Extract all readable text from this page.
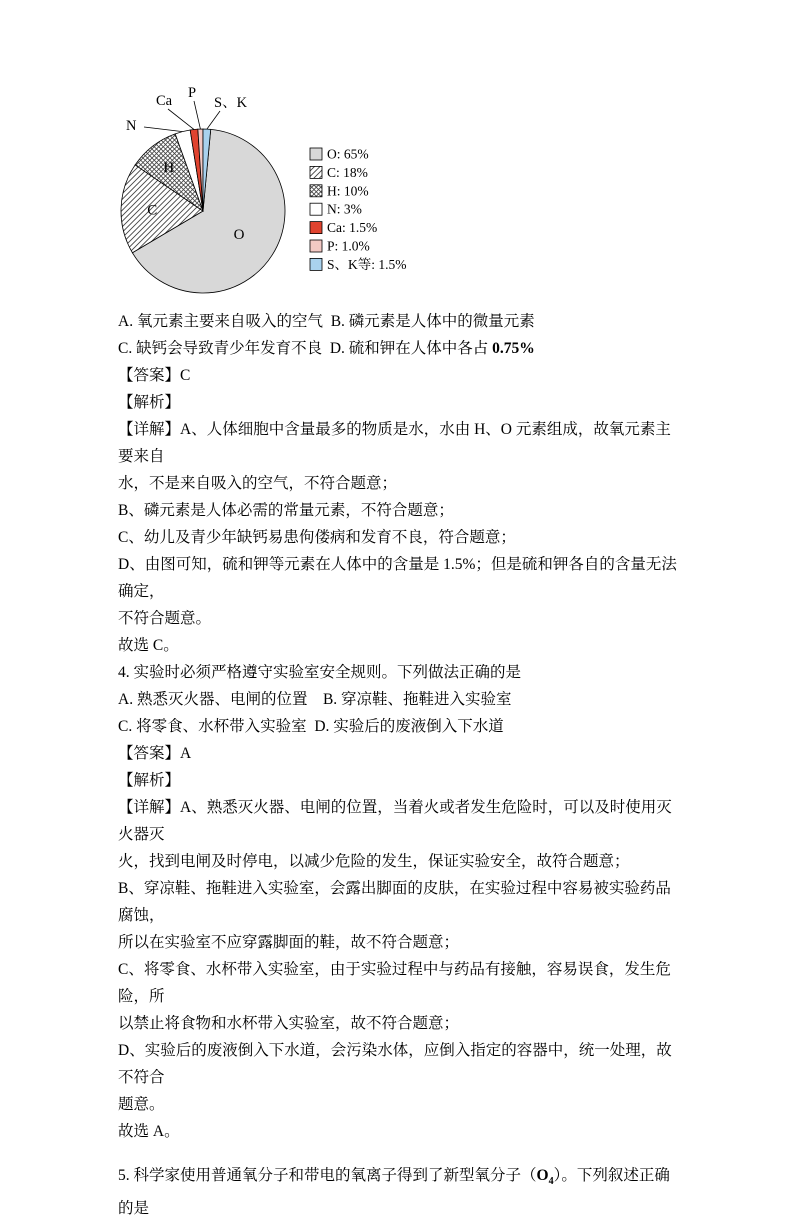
O
C
H
N
Ca P
S、K
O: 65%
C: 18%
H: 10%
N: 3%
Ca: 1.5%
P: 1.0%
S、K等: 1.5%

A. 氧元素主要来自吸入的空气  B. 磷元素是人体中的微量元素

C. 缺钙会导致青少年发育不良  D. 硫和钾在人体中各占 0.75%

【答案】C

【解析】

【详解】A、人体细胞中含量最多的物质是水，水由 H、O 元素组成，故氧元素主要来自

水，不是来自吸入的空气，不符合题意；

B、磷元素是人体必需的常量元素，不符合题意；

C、幼儿及青少年缺钙易患佝偻病和发育不良，符合题意；

D、由图可知，硫和钾等元素在人体中的含量是 1.5%；但是硫和钾各自的含量无法确定，

不符合题意。

故选 C。

4. 实验时必须严格遵守实验室安全规则。下列做法正确的是

A. 熟悉灭火器、电闸的位置    B. 穿凉鞋、拖鞋进入实验室

C. 将零食、水杯带入实验室  D. 实验后的废液倒入下水道

【答案】A

【解析】

【详解】A、熟悉灭火器、电闸的位置，当着火或者发生危险时，可以及时使用灭火器灭

火，找到电闸及时停电，以减少危险的发生，保证实验安全，故符合题意；

B、穿凉鞋、拖鞋进入实验室，会露出脚面的皮肤，在实验过程中容易被实验药品腐蚀，

所以在实验室不应穿露脚面的鞋，故不符合题意；

C、将零食、水杯带入实验室，由于实验过程中与药品有接触，容易误食，发生危险，所

以禁止将食物和水杯带入实验室，故不符合题意；

D、实验后的废液倒入下水道，会污染水体，应倒入指定的容器中，统一处理，故不符合

题意。

故选 A。

5. 科学家使用普通氧分子和带电的氧离子得到了新型氧分子$(O_4)$。下列叙述正确的是
